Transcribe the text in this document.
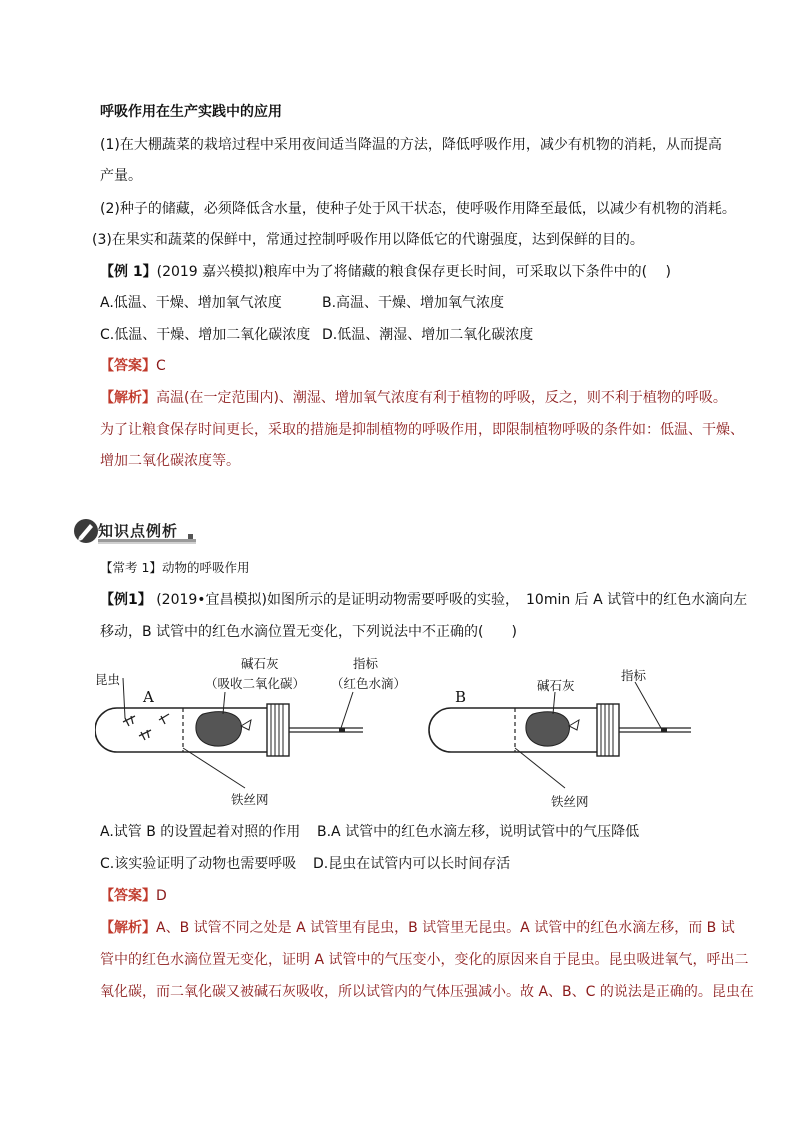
呼吸作用在生产实践中的应用
(1)在大棚蔬菜的栽培过程中采用夜间适当降温的方法，降低呼吸作用，减少有机物的消耗，从而提高
产量。
(2)种子的储藏，必须降低含水量，使种子处于风干状态，使呼吸作用降至最低，以减少有机物的消耗。
(3)在果实和蔬菜的保鲜中，常通过控制呼吸作用以降低它的代谢强度，达到保鲜的目的。
【例 1】(2019 嘉兴模拟)粮库中为了将储藏的粮食保存更长时间，可采取以下条件中的(　 )
A.低温、干燥、增加氧气浓度	B.高温、干燥、增加氧气浓度
C.低温、干燥、增加二氧化碳浓度 D.低温、潮湿、增加二氧化碳浓度
【答案】C
【解析】高温(在一定范围内)、潮湿、增加氧气浓度有利于植物的呼吸，反之，则不利于植物的呼吸。
为了让粮食保存时间更长，采取的措施是抑制植物的呼吸作用，即限制植物呼吸的条件如：低温、干燥、
增加二氧化碳浓度等。
知识点例析
【常考 1】动物的呼吸作用
【例1】 (2019•宜昌模拟)如图所示的是证明动物需要呼吸的实验，　10min 后 A 试管中的红色水滴向左
移动，B 试管中的红色水滴位置无变化，下列说法中不正确的(　　)
昆虫
A
碱石灰
（吸收二氧化碳）
指标
（红色水滴）
铁丝网
B
碱石灰
指标
铁丝网
A.试管 B 的设置起着对照的作用 B.A 试管中的红色水滴左移，说明试管中的气压降低
C.该实验证明了动物也需要呼吸 D.昆虫在试管内可以长时间存活
【答案】D
【解析】A、B 试管不同之处是 A 试管里有昆虫，B 试管里无昆虫。A 试管中的红色水滴左移，而 B 试
管中的红色水滴位置无变化，证明 A 试管中的气压变小，变化的原因来自于昆虫。昆虫吸进氧气，呼出二
氧化碳，而二氧化碳又被碱石灰吸收，所以试管内的气体压强减小。故 A、B、C 的说法是正确的。昆虫在
